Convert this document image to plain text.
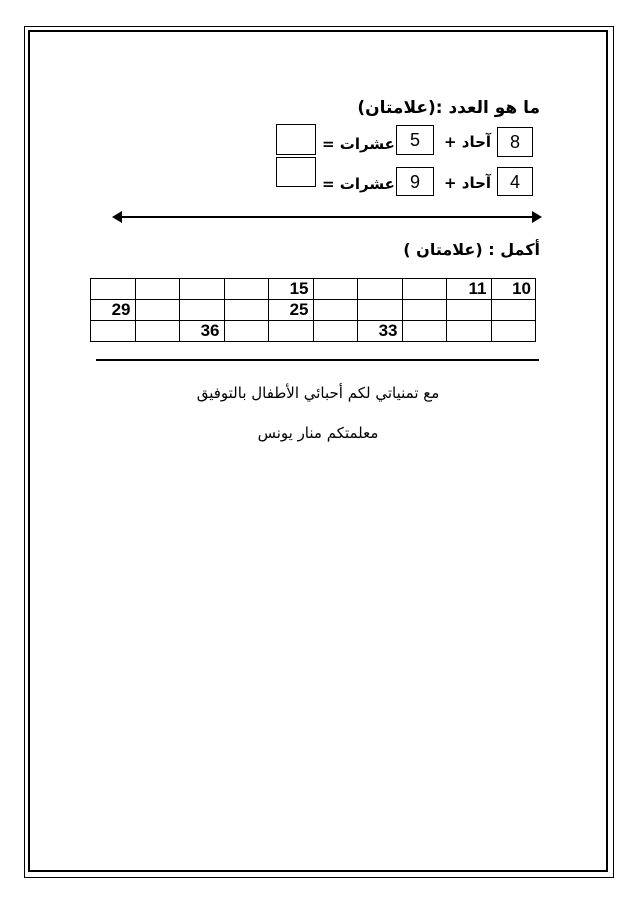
ما هو العدد :(علامتان)
8
آحاد +
5
عشرات =
4
آحاد +
9
عشرات =
أكمل : (علامتان )
10	11				15				
					25				29
			33				36		
مع تمنياتي لكم أحبائي الأطفال بالتوفيق
معلمتكم منار يونس
